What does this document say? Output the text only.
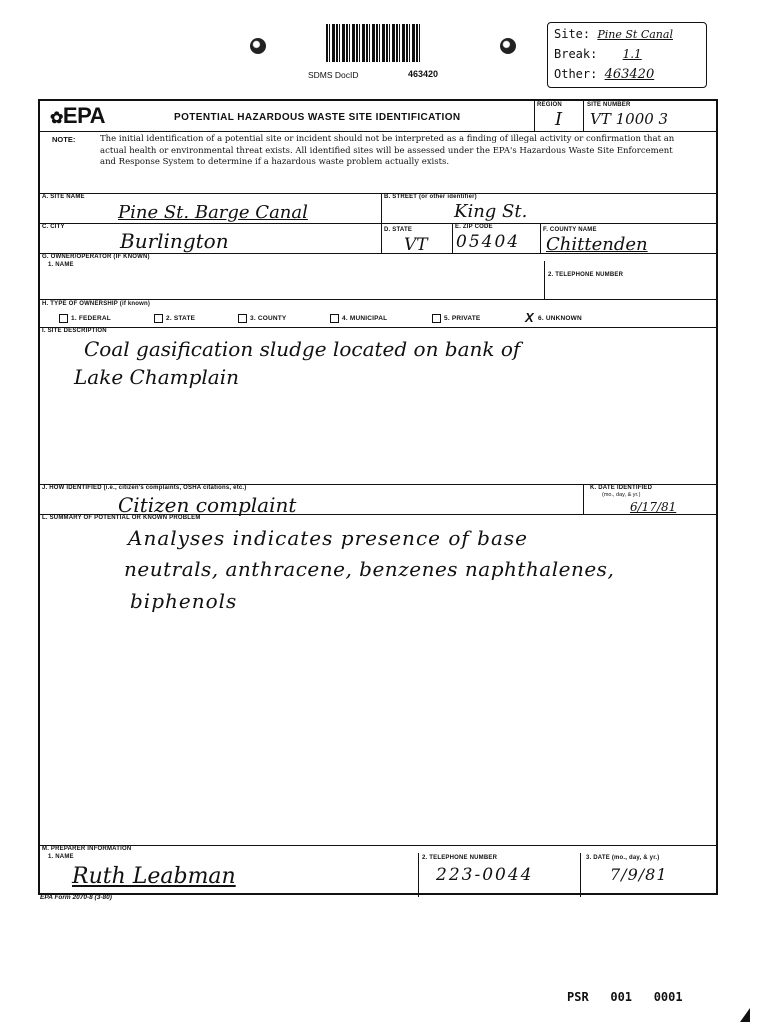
SDMS DocID	463420
Site: Pine St Canal
Break: 1.1
Other: 463420
✿EPA	POTENTIAL HAZARDOUS WASTE SITE IDENTIFICATION
REGION
I
SITE NUMBER
VT 1000 3
NOTE:	The initial identification of a potential site or incident should not be interpreted as a finding of illegal activity or confirmation that an actual health or environmental threat exists. All identified sites will be assessed under the EPA's Hazardous Waste Site Enforcement and Response System to determine if a hazardous waste problem actually exists.
A. SITE NAME
Pine St. Barge Canal
B. STREET (or other identifier)
King St.
C. CITY
Burlington	D. STATE
VT
E. ZIP CODE
05404
F. COUNTY NAME
Chittenden
G. OWNER/OPERATOR (IF KNOWN)
1. NAME
2. TELEPHONE NUMBER
H. TYPE OF OWNERSHIP (if known)
I. SITE DESCRIPTION
Coal gasification sludge located on bank of
Lake Champlain
J. HOW IDENTIFIED (i.e., citizen's complaints, OSHA citations, etc.)
Citizen complaint
K. DATE IDENTIFIED
(mo., day, & yr.)
6/17/81
L. SUMMARY OF POTENTIAL OR KNOWN PROBLEM
Analyses indicates presence of base
neutrals, anthracene, benzenes naphthalenes,
biphenols
M. PREPARER INFORMATION
1. NAME
Ruth Leabman
2. TELEPHONE NUMBER
223-0044
3. DATE (mo., day, & yr.)
7/9/81
1. FEDERAL	2. STATE	3. COUNTY	4. MUNICIPAL	5. PRIVATE	X 6. UNKNOWN
EPA Form 2070-8 (3-80)
PSR   001   0001
